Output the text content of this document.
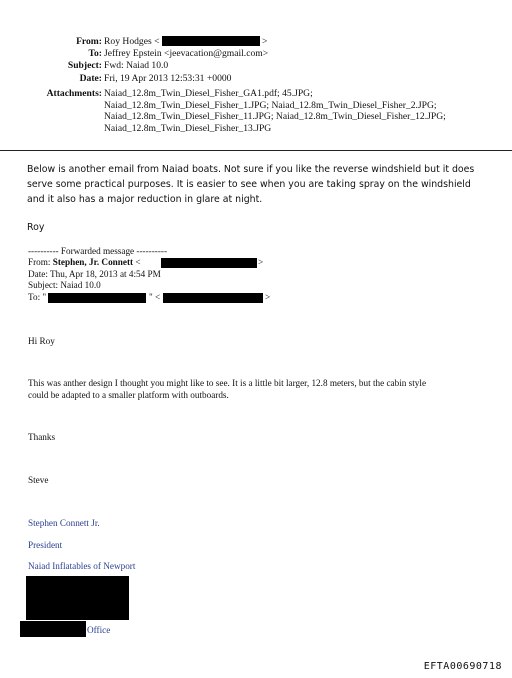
From: Roy Hodges <	>
To: Jeffrey Epstein <jeevacation@gmail.com>
Subject: Fwd: Naiad 10.0
Date: Fri, 19 Apr 2013 12:53:31 +0000
Attachments: Naiad_12.8m_Twin_Diesel_Fisher_GA1.pdf; 45.JPG;
Naiad_12.8m_Twin_Diesel_Fisher_1.JPG; Naiad_12.8m_Twin_Diesel_Fisher_2.JPG;
Naiad_12.8m_Twin_Diesel_Fisher_11.JPG; Naiad_12.8m_Twin_Diesel_Fisher_12.JPG;
Naiad_12.8m_Twin_Diesel_Fisher_13.JPG
Below is another email from Naiad boats. Not sure if you like the reverse windshield but it does
serve some practical purposes. It is easier to see when you are taking spray on the windshield
and it also has a major reduction in glare at night.
Roy
---------- Forwarded message ----------
From: Stephen, Jr. Connett <	>
Date: Thu, Apr 18, 2013 at 4:54 PM
Subject: Naiad 10.0
To: "	" <	>
Hi Roy
This was anther design I thought you might like to see. It is a little bit larger, 12.8 meters, but the cabin style
could be adapted to a smaller platform with outboards.
Thanks
Steve
Stephen Connett Jr.
President
Naiad Inflatables of Newport
Office
EFTA00690718
